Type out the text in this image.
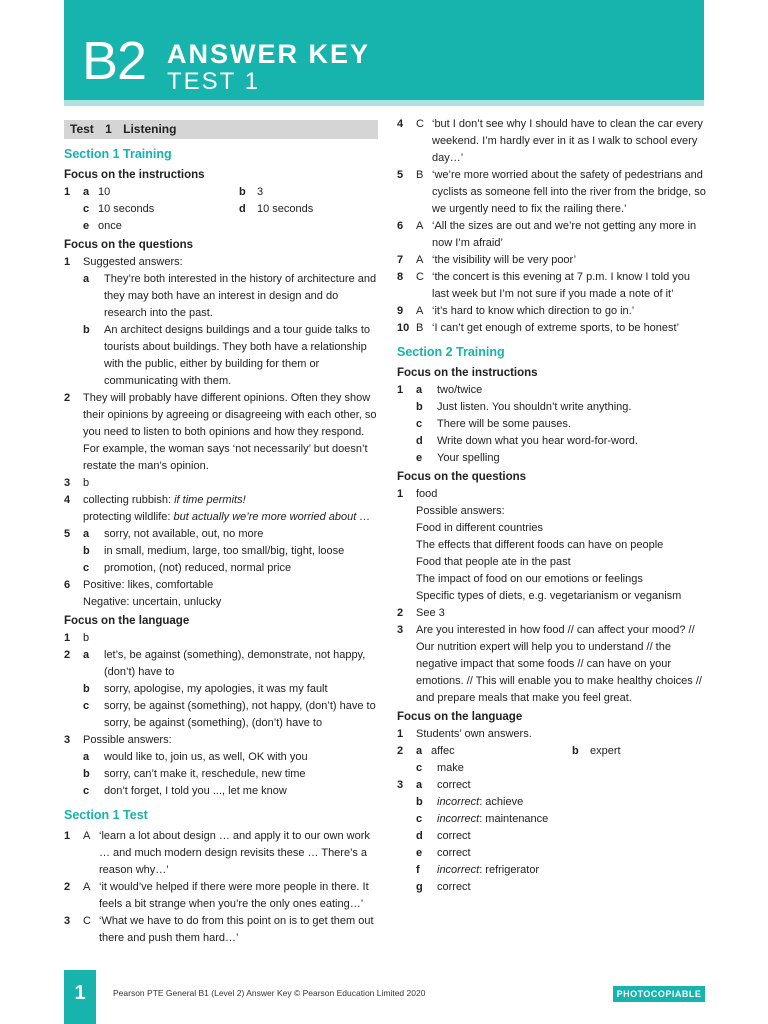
B2 ANSWER KEY
TEST 1
Test 1 Listening
Section 1 Training
Focus on the instructions
1 a 10	b 3
c 10 seconds	d 10 seconds
e once
Focus on the questions
1 Suggested answers:
a They’re both interested in the history of architecture and they may both have an interest in design and do research into the past.
b An architect designs buildings and a tour guide talks to tourists about buildings. They both have a relationship with the public, either by building for them or communicating with them.
2 They will probably have different opinions. Often they show their opinions by agreeing or disagreeing with each other, so you need to listen to both opinions and how they respond. For example, the woman says ‘not necessarily’ but doesn’t restate the man’s opinion.
3 b
4 collecting rubbish: if time permits!
protecting wildlife: but actually we’re more worried about …
5 a sorry, not available, out, no more
b in small, medium, large, too small/big, tight, loose
c promotion, (not) reduced, normal price
6 Positive: likes, comfortable
Negative: uncertain, unlucky
Focus on the language
1 b
2 a let’s, be against (something), demonstrate, not happy, (don’t) have to
b sorry, apologise, my apologies, it was my fault
c sorry, be against (something), not happy, (don’t) have to sorry, be against (something), (don’t) have to
3 Possible answers:
a would like to, join us, as well, OK with you
b sorry, can’t make it, reschedule, new time
c don’t forget, I told you ..., let me know
Section 1 Test
1 A ‘learn a lot about design … and apply it to our own work … and much modern design revisits these … There’s a reason why…’
2 A ‘it would’ve helped if there were more people in there. It feels a bit strange when you’re the only ones eating…’
3 C ‘What we have to do from this point on is to get them out there and push them hard…’
4 C ‘but I don’t see why I should have to clean the car every weekend. I’m hardly ever in it as I walk to school every day…’
5 B ‘we’re more worried about the safety of pedestrians and cyclists as someone fell into the river from the bridge, so we urgently need to fix the railing there.’
6 A ‘All the sizes are out and we’re not getting any more in now I’m afraid’
7 A ‘the visibility will be very poor’
8 C ‘the concert is this evening at 7 p.m. I know I told you last week but I’m not sure if you made a note of it’
9 A ‘it’s hard to know which direction to go in.’
10 B ‘I can’t get enough of extreme sports, to be honest’
Section 2 Training
Focus on the instructions
1 a two/twice
b Just listen. You shouldn’t write anything.
c There will be some pauses.
d Write down what you hear word-for-word.
e Your spelling
Focus on the questions
1 food
Possible answers:
Food in different countries
The effects that different foods can have on people
Food that people ate in the past
The impact of food on our emotions or feelings
Specific types of diets, e.g. vegetarianism or veganism
2 See 3
3 Are you interested in how food // can affect your mood? // Our nutrition expert will help you to understand // the negative impact that some foods // can have on your emotions. // This will enable you to make healthy choices // and prepare meals that make you feel great.
Focus on the language
1 Students’ own answers.
2 a affec	b expert
c make
3 a correct
b incorrect: achieve
c incorrect: maintenance
d correct
e correct
f incorrect: refrigerator
g correct
1	Pearson PTE General B1 (Level 2) Answer Key © Pearson Education Limited 2020	PHOTOCOPIABLE
